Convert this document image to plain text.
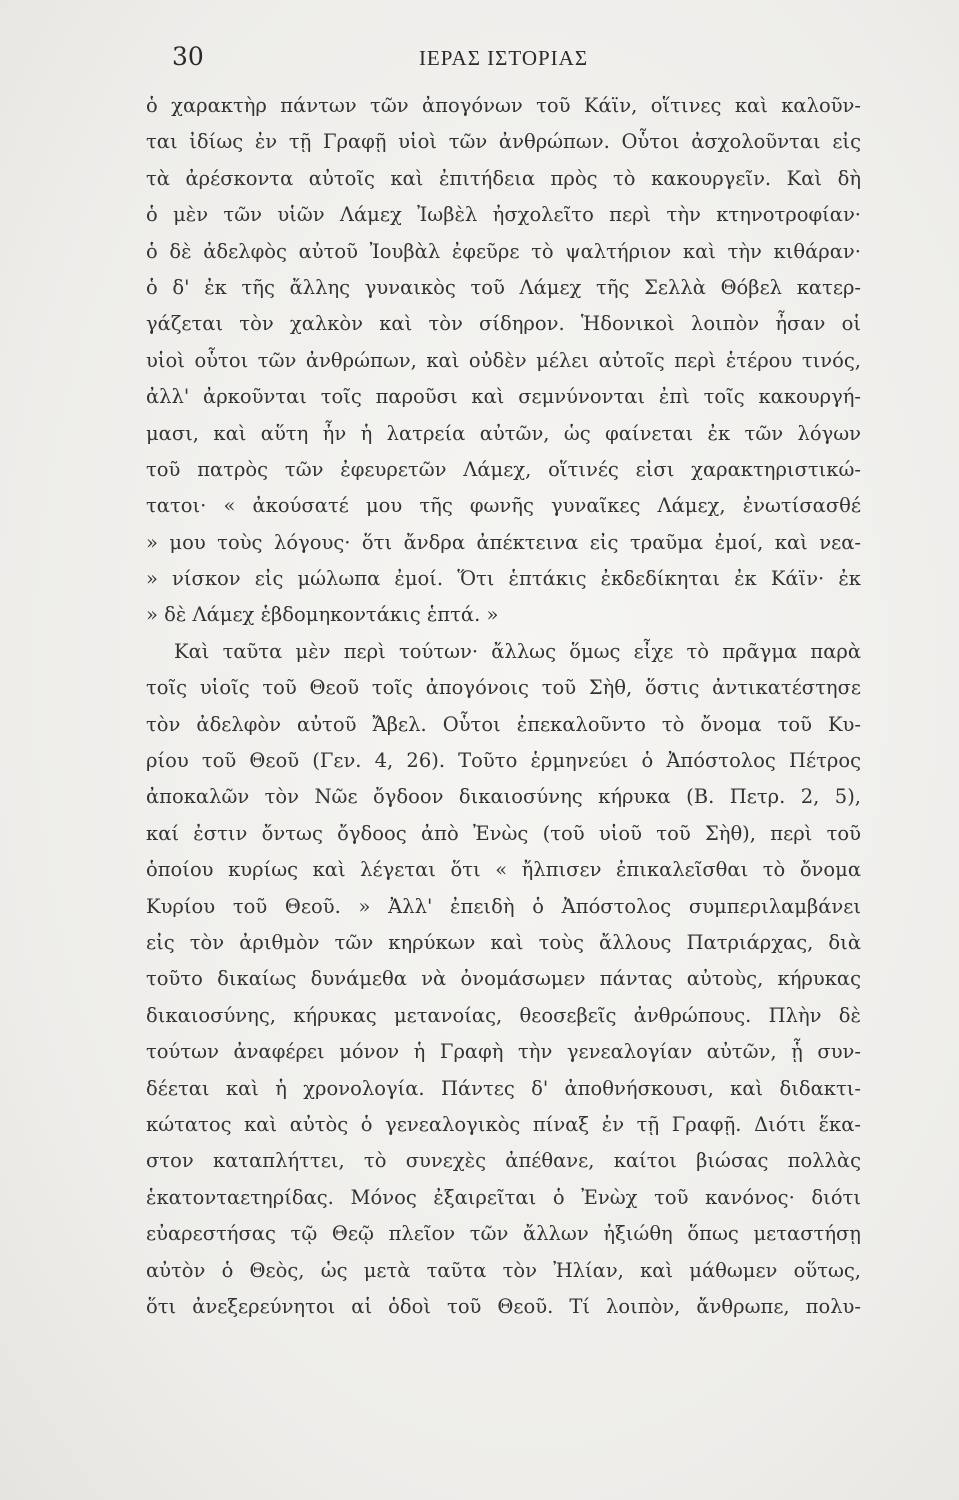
30	ΙΕΡΑΣ ΙΣΤΟΡΙΑΣ
ὁ χαρακτὴρ πάντων τῶν ἀπογόνων τοῦ Κάϊν, οἵτινες καὶ καλοῦν-
ται ἰδίως ἐν τῇ Γραφῇ υἱοὶ τῶν ἀνθρώπων. Οὗτοι ἀσχολοῦνται εἰς
τὰ ἀρέσκοντα αὐτοῖς καὶ ἐπιτήδεια πρὸς τὸ κακουργεῖν. Καὶ δὴ
ὁ μὲν τῶν υἱῶν Λάμεχ Ἰωβὲλ ἠσχολεῖτο περὶ τὴν κτηνοτροφίαν·
ὁ δὲ ἀδελφὸς αὐτοῦ Ἰουβὰλ ἐφεῦρε τὸ ψαλτήριον καὶ τὴν κιθάραν·
ὁ δ' ἐκ τῆς ἄλλης γυναικὸς τοῦ Λάμεχ τῆς Σελλὰ Θόβελ κατερ-
γάζεται τὸν χαλκὸν καὶ τὸν σίδηρον. Ἡδονικοὶ λοιπὸν ἦσαν οἱ
υἱοὶ οὗτοι τῶν ἀνθρώπων, καὶ οὐδὲν μέλει αὐτοῖς περὶ ἑτέρου τινός,
ἀλλ' ἀρκοῦνται τοῖς παροῦσι καὶ σεμνύνονται ἐπὶ τοῖς κακουργή-
μασι, καὶ αὕτη ἦν ἡ λατρεία αὐτῶν, ὡς φαίνεται ἐκ τῶν λόγων
τοῦ πατρὸς τῶν ἐφευρετῶν Λάμεχ, οἵτινές εἰσι χαρακτηριστικώ-
τατοι· « ἀκούσατέ μου τῆς φωνῆς γυναῖκες Λάμεχ, ἐνωτίσασθέ
» μου τοὺς λόγους· ὅτι ἄνδρα ἀπέκτεινα εἰς τραῦμα ἐμοί, καὶ νεα-
» νίσκον εἰς μώλωπα ἐμοί. Ὅτι ἑπτάκις ἐκδεδίκηται ἐκ Κάϊν· ἐκ
» δὲ Λάμεχ ἑβδομηκοντάκις ἑπτά. »
Καὶ ταῦτα μὲν περὶ τούτων· ἄλλως ὅμως εἶχε τὸ πρᾶγμα παρὰ
τοῖς υἱοῖς τοῦ Θεοῦ τοῖς ἀπογόνοις τοῦ Σὴθ, ὅστις ἀντικατέστησε
τὸν ἀδελφὸν αὐτοῦ Ἄβελ. Οὗτοι ἐπεκαλοῦντο τὸ ὄνομα τοῦ Κυ-
ρίου τοῦ Θεοῦ (Γεν. 4, 26). Τοῦτο ἑρμηνεύει ὁ Ἀπόστολος Πέτρος
ἀποκαλῶν τὸν Νῶε ὄγδοον δικαιοσύνης κήρυκα (Β. Πετρ. 2, 5),
καί ἐστιν ὄντως ὄγδοος ἀπὸ Ἐνὼς (τοῦ υἱοῦ τοῦ Σὴθ), περὶ τοῦ
ὁποίου κυρίως καὶ λέγεται ὅτι « ἤλπισεν ἐπικαλεῖσθαι τὸ ὄνομα
Κυρίου τοῦ Θεοῦ. » Ἀλλ' ἐπειδὴ ὁ Ἀπόστολος συμπεριλαμβάνει
εἰς τὸν ἀριθμὸν τῶν κηρύκων καὶ τοὺς ἄλλους Πατριάρχας, διὰ
τοῦτο δικαίως δυνάμεθα νὰ ὀνομάσωμεν πάντας αὐτοὺς, κήρυκας
δικαιοσύνης, κήρυκας μετανοίας, θεοσεβεῖς ἀνθρώπους. Πλὴν δὲ
τούτων ἀναφέρει μόνον ἡ Γραφὴ τὴν γενεαλογίαν αὐτῶν, ᾗ συν-
δέεται καὶ ἡ χρονολογία. Πάντες δ' ἀποθνήσκουσι, καὶ διδακτι-
κώτατος καὶ αὐτὸς ὁ γενεαλογικὸς πίναξ ἐν τῇ Γραφῇ. Διότι ἕκα-
στον καταπλήττει, τὸ συνεχὲς ἀπέθανε, καίτοι βιώσας πολλὰς
ἑκατονταετηρίδας. Μόνος ἐξαιρεῖται ὁ Ἐνὼχ τοῦ κανόνος· διότι
εὐαρεστήσας τῷ Θεῷ πλεῖον τῶν ἄλλων ἠξιώθη ὅπως μεταστήσῃ
αὐτὸν ὁ Θεὸς, ὡς μετὰ ταῦτα τὸν Ἠλίαν, καὶ μάθωμεν οὕτως,
ὅτι ἀνεξερεύνητοι αἱ ὁδοὶ τοῦ Θεοῦ. Τί λοιπὸν, ἄνθρωπε, πολυ-
